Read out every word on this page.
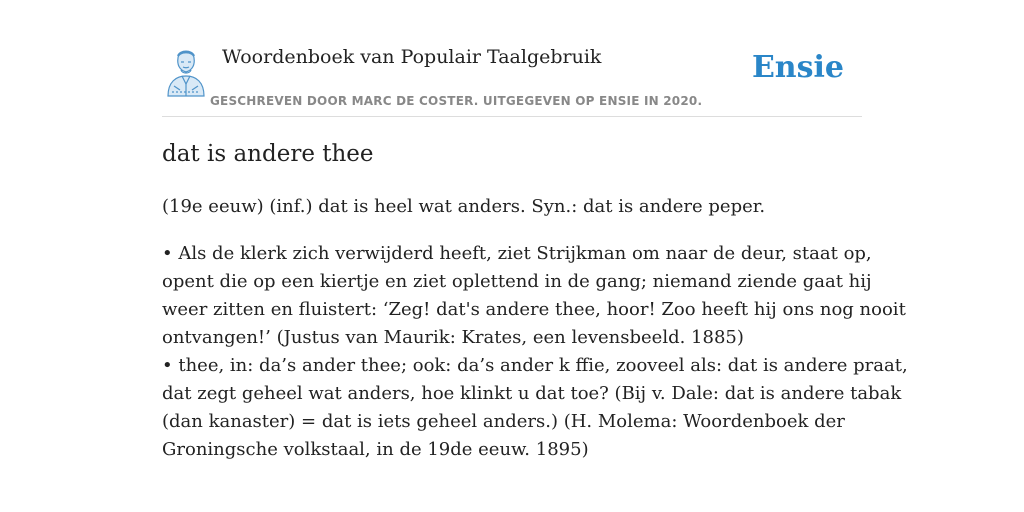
Woordenboek van Populair Taalgebruik
GESCHREVEN DOOR MARC DE COSTER. UITGEGEVEN OP ENSIE IN 2020.
Ensie
dat is andere thee

(19e eeuw) (inf.) dat is heel wat anders. Syn.: dat is andere peper.

• Als de klerk zich verwijderd heeft, ziet Strijkman om naar de deur, staat op,
opent die op een kiertje en ziet oplettend in de gang; niemand ziende gaat hij
weer zitten en fluistert: ‘Zeg! dat's andere thee, hoor! Zoo heeft hij ons nog nooit
ontvangen!’ (Justus van Maurik: Krates, een levensbeeld. 1885)
• thee, in: da’s ander thee; ook: da’s ander k ffie, zooveel als: dat is andere praat,
dat zegt geheel wat anders, hoe klinkt u dat toe? (Bij v. Dale: dat is andere tabak
(dan kanaster) = dat is iets geheel anders.) (H. Molema: Woordenboek der
Groningsche volkstaal, in de 19de eeuw. 1895)
